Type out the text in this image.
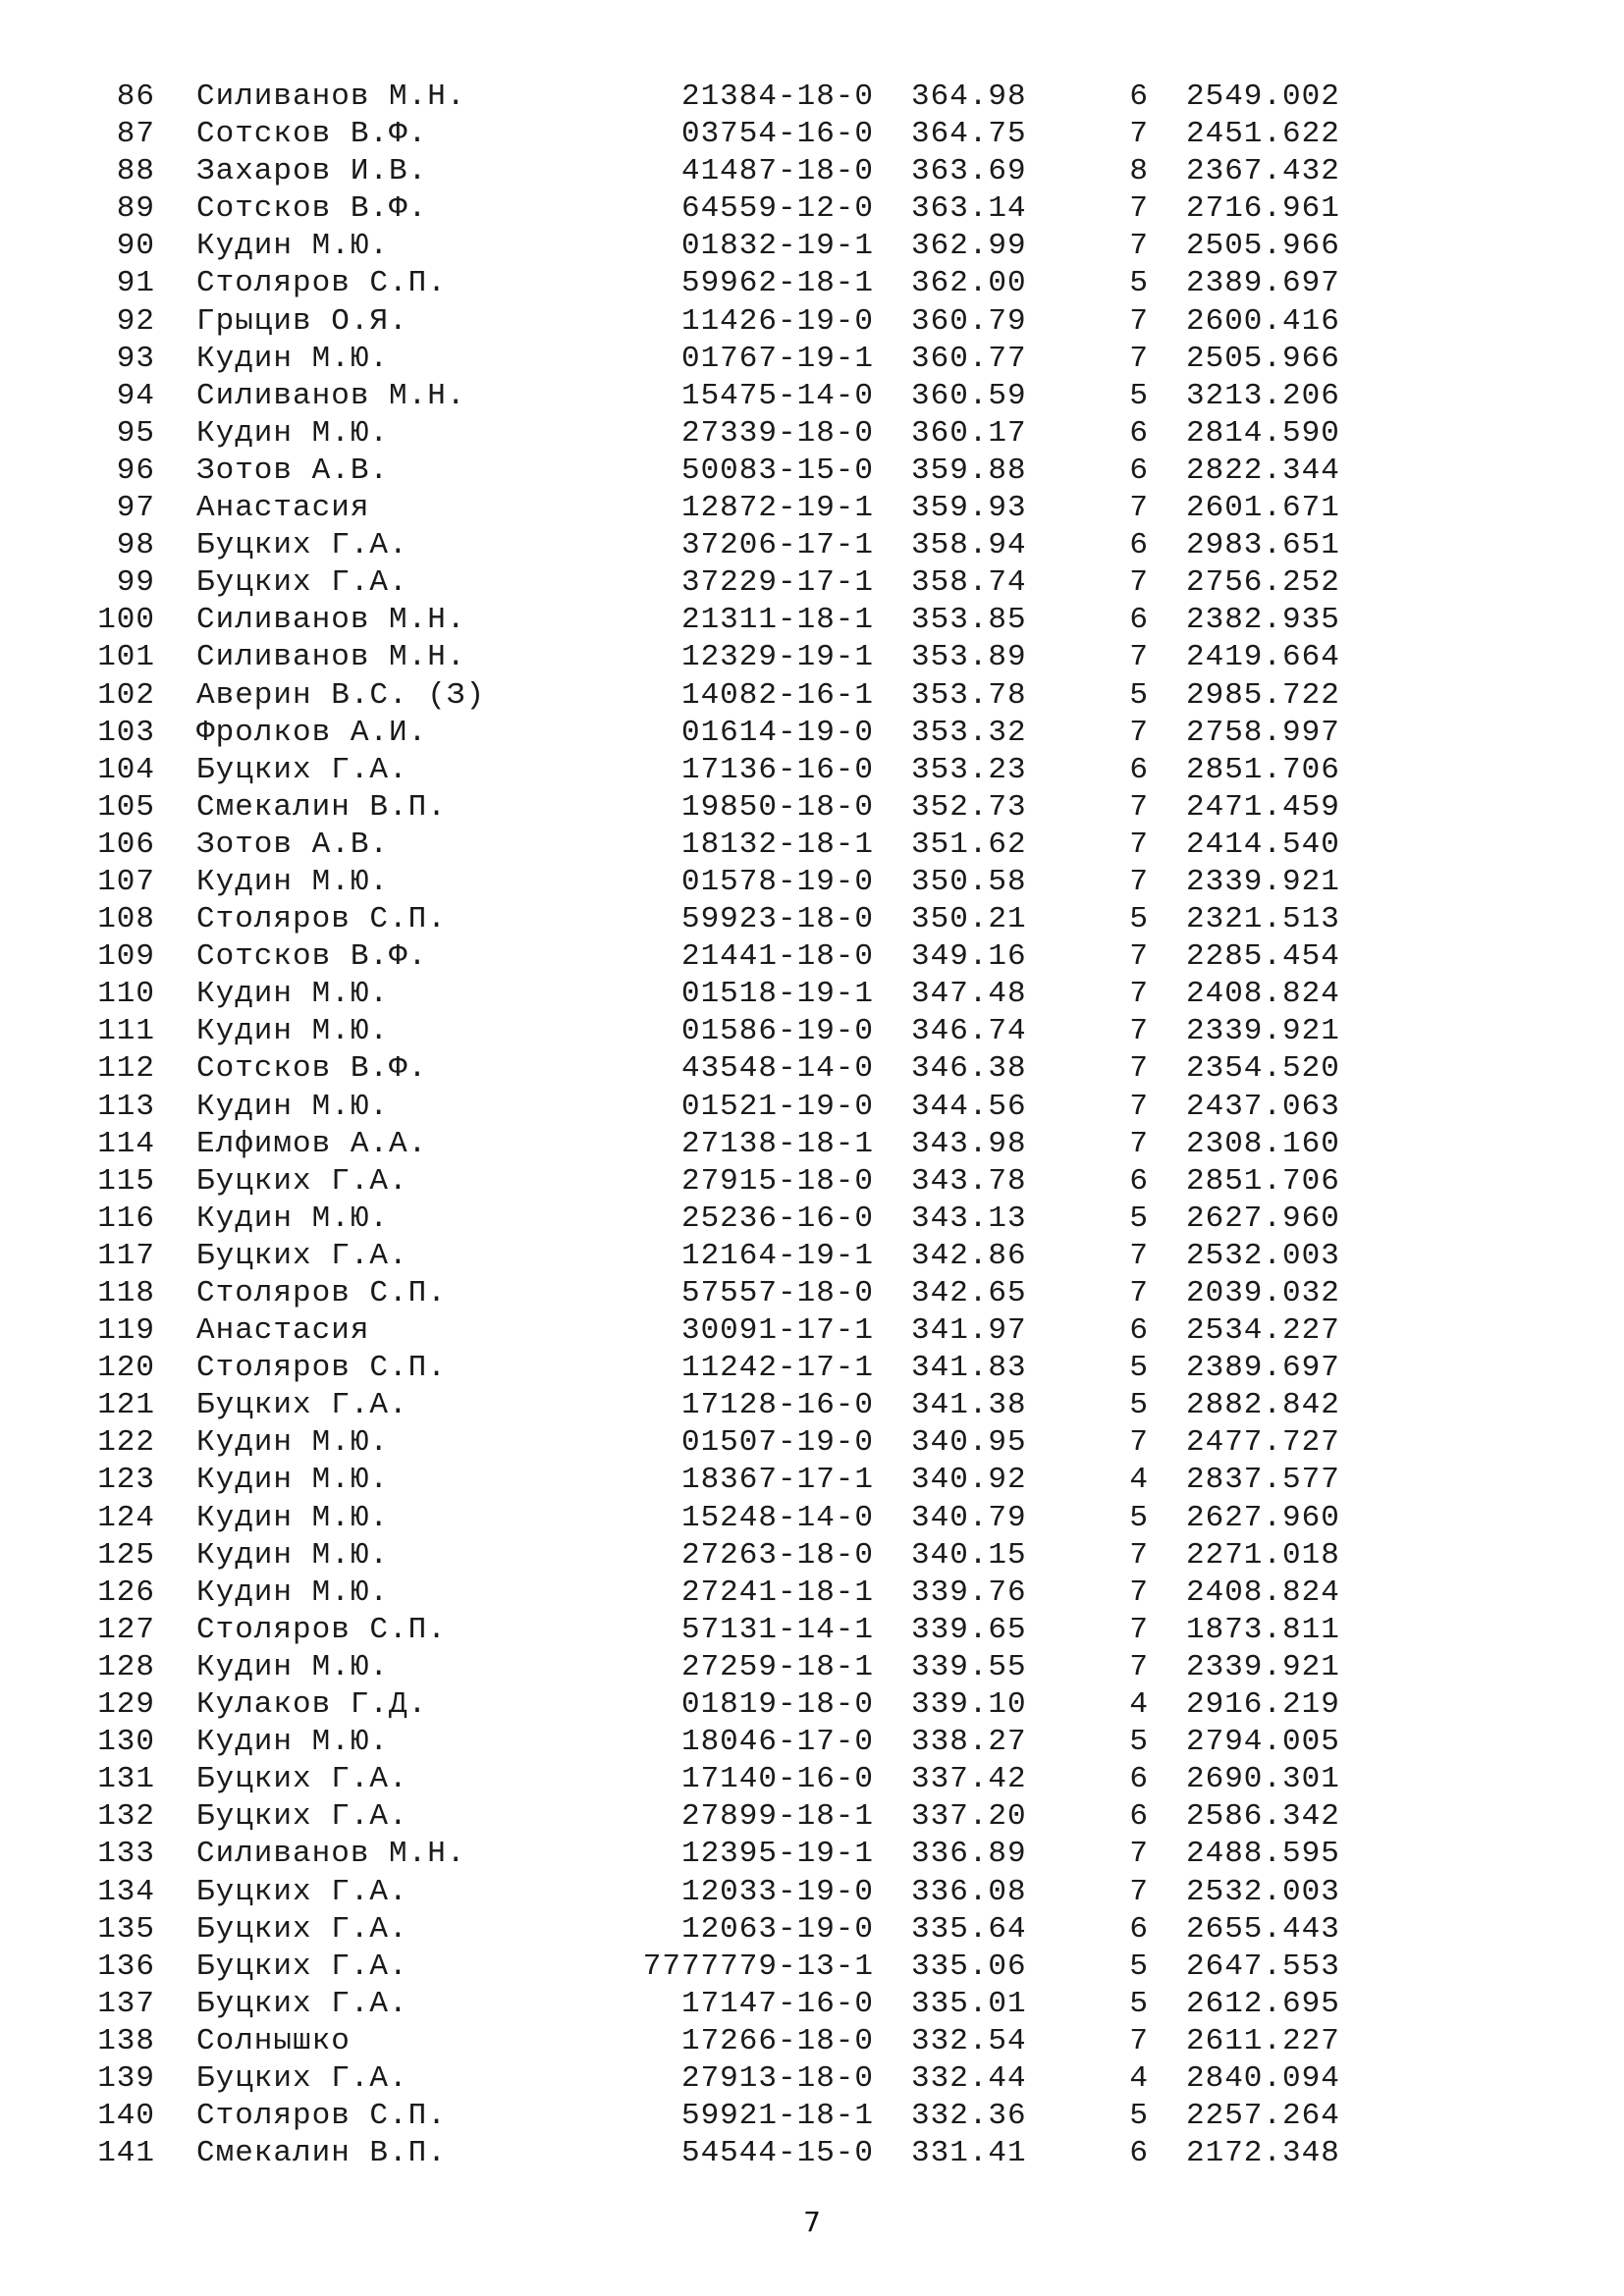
86 Силиванов М.Н.	21384-18-0 364.98	6 2549.002
87 Сотсков В.Ф.	03754-16-0 364.75	7 2451.622
88 Захаров И.В.	41487-18-0 363.69	8 2367.432
89 Сотсков В.Ф.	64559-12-0 363.14	7 2716.961
90 Кудин М.Ю.	01832-19-1 362.99	7 2505.966
91 Столяров С.П.	59962-18-1 362.00	5 2389.697
92 Грыцив О.Я.	11426-19-0 360.79	7 2600.416
93 Кудин М.Ю.	01767-19-1 360.77	7 2505.966
94 Силиванов М.Н.	15475-14-0 360.59	5 3213.206
95 Кудин М.Ю.	27339-18-0 360.17	6 2814.590
96 Зотов А.В.	50083-15-0 359.88	6 2822.344
97 Анастасия	12872-19-1 359.93	7 2601.671
98 Буцких Г.А.	37206-17-1 358.94	6 2983.651
99 Буцких Г.А.	37229-17-1 358.74	7 2756.252
100 Силиванов М.Н.	21311-18-1 353.85	6 2382.935
101 Силиванов М.Н.	12329-19-1 353.89	7 2419.664
102 Аверин В.С. (З)	14082-16-1 353.78	5 2985.722
103 Фролков А.И.	01614-19-0 353.32	7 2758.997
104 Буцких Г.А.	17136-16-0 353.23	6 2851.706
105 Смекалин В.П.	19850-18-0 352.73	7 2471.459
106 Зотов А.В.	18132-18-1 351.62	7 2414.540
107 Кудин М.Ю.	01578-19-0 350.58	7 2339.921
108 Столяров С.П.	59923-18-0 350.21	5 2321.513
109 Сотсков В.Ф.	21441-18-0 349.16	7 2285.454
110 Кудин М.Ю.	01518-19-1 347.48	7 2408.824
111 Кудин М.Ю.	01586-19-0 346.74	7 2339.921
112 Сотсков В.Ф.	43548-14-0 346.38	7 2354.520
113 Кудин М.Ю.	01521-19-0 344.56	7 2437.063
114 Елфимов А.А.	27138-18-1 343.98	7 2308.160
115 Буцких Г.А.	27915-18-0 343.78	6 2851.706
116 Кудин М.Ю.	25236-16-0 343.13	5 2627.960
117 Буцких Г.А.	12164-19-1 342.86	7 2532.003
118 Столяров С.П.	57557-18-0 342.65	7 2039.032
119 Анастасия	30091-17-1 341.97	6 2534.227
120 Столяров С.П.	11242-17-1 341.83	5 2389.697
121 Буцких Г.А.	17128-16-0 341.38	5 2882.842
122 Кудин М.Ю.	01507-19-0 340.95	7 2477.727
123 Кудин М.Ю.	18367-17-1 340.92	4 2837.577
124 Кудин М.Ю.	15248-14-0 340.79	5 2627.960
125 Кудин М.Ю.	27263-18-0 340.15	7 2271.018
126 Кудин М.Ю.	27241-18-1 339.76	7 2408.824
127 Столяров С.П.	57131-14-1 339.65	7 1873.811
128 Кудин М.Ю.	27259-18-1 339.55	7 2339.921
129 Кулаков Г.Д.	01819-18-0 339.10	4 2916.219
130 Кудин М.Ю.	18046-17-0 338.27	5 2794.005
131 Буцких Г.А.	17140-16-0 337.42	6 2690.301
132 Буцких Г.А.	27899-18-1 337.20	6 2586.342
133 Силиванов М.Н.	12395-19-1 336.89	7 2488.595
134 Буцких Г.А.	12033-19-0 336.08	7 2532.003
135 Буцких Г.А.	12063-19-0 335.64	6 2655.443
136 Буцких Г.А.	7777779-13-1 335.06	5 2647.553
137 Буцких Г.А.	17147-16-0 335.01	5 2612.695
138 Солнышко	17266-18-0 332.54	7 2611.227
139 Буцких Г.А.	27913-18-0 332.44	4 2840.094
140 Столяров С.П.	59921-18-1 332.36	5 2257.264
141 Смекалин В.П.	54544-15-0 331.41	6 2172.348
7
